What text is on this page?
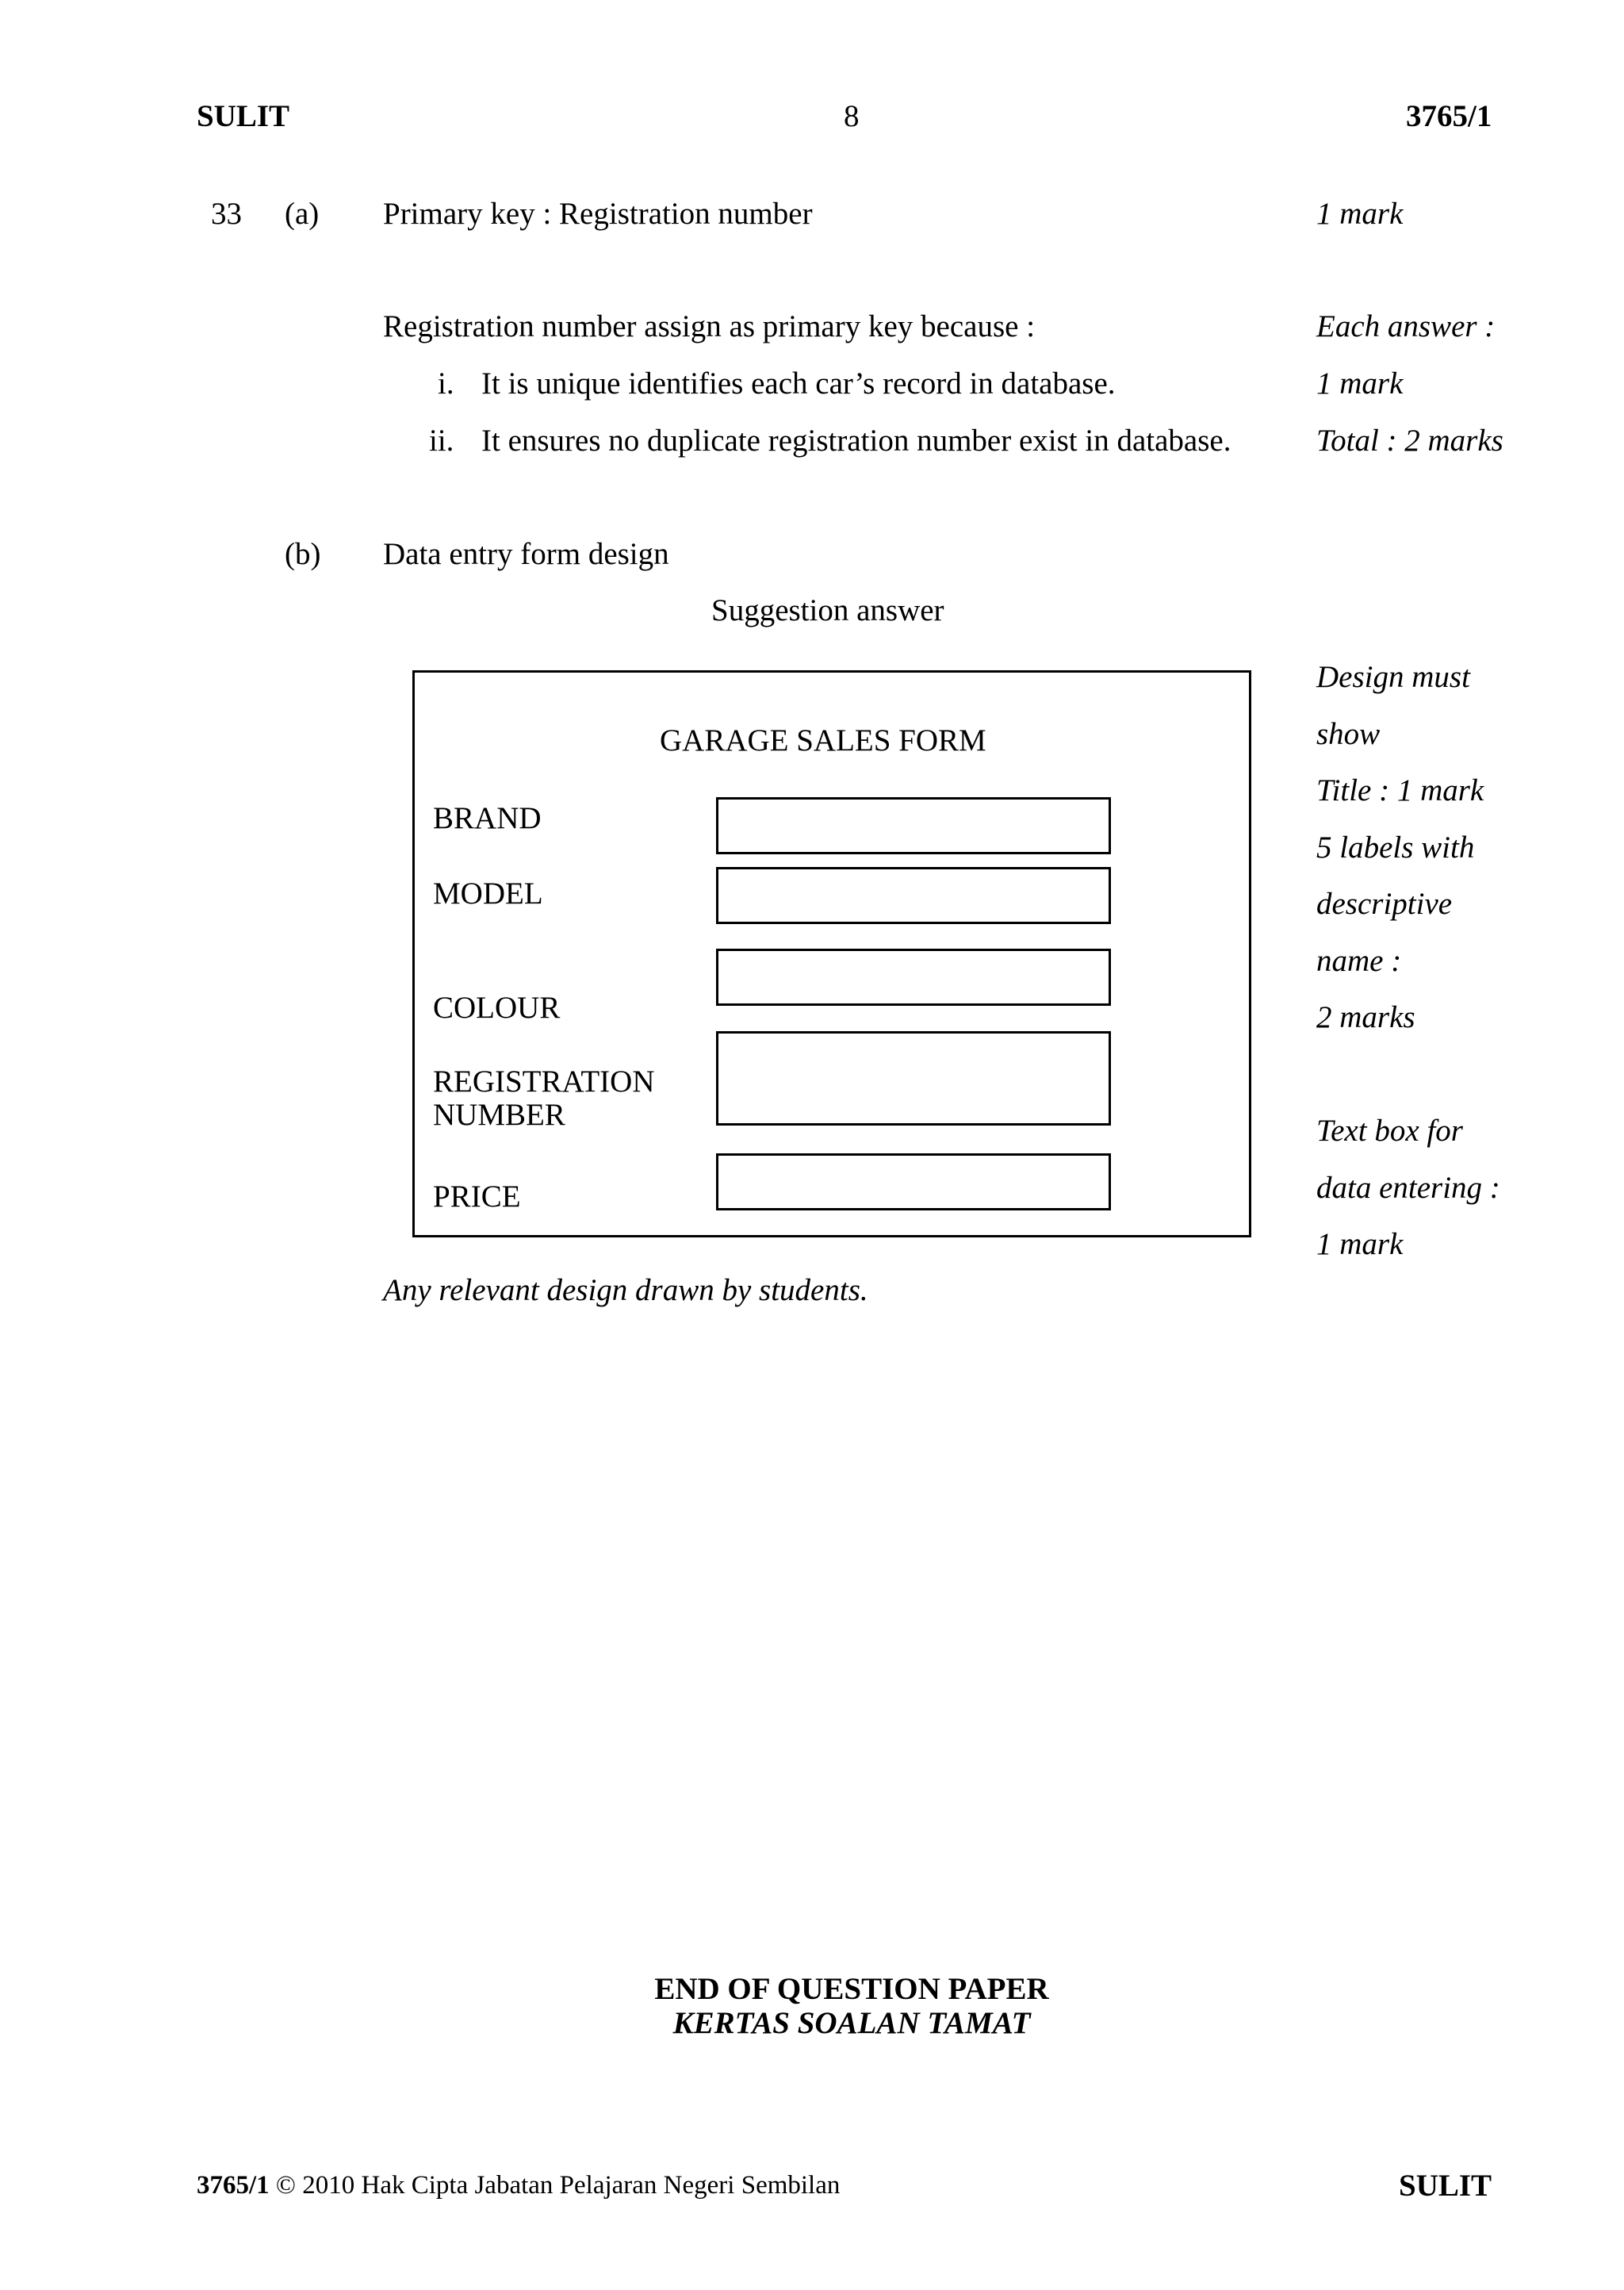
SULIT	8	3765/1
33 (a) Primary key : Registration number	1 mark
Registration number assign as primary key because :	Each answer :
i. It is unique identifies each car’s record in database.	1 mark
ii. It ensures no duplicate registration number exist in database.	Total : 2 marks
(b) Data entry form design
Suggestion answer
GARAGE SALES FORM
BRAND
MODEL
COLOUR
REGISTRATION NUMBER
PRICE
Design must
show
Title : 1 mark
5 labels with
descriptive
name :
2 marks

Text box for
data entering :
1 mark
Any relevant design drawn by students.
END OF QUESTION PAPER
KERTAS SOALAN TAMAT
3765/1 © 2010 Hak Cipta Jabatan Pelajaran Negeri Sembilan	SULIT
